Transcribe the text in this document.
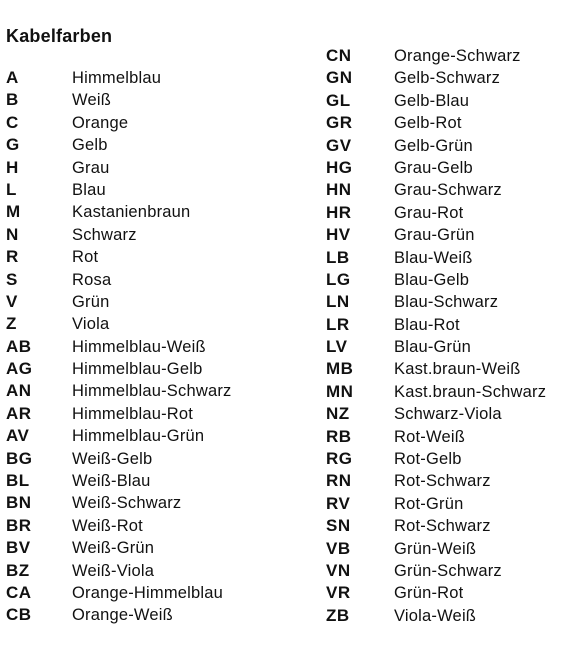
Kabelfarben
A	Himmelblau
B	Weiß
C	Orange
G	Gelb
H	Grau
L	Blau
M	Kastanienbraun
N	Schwarz
R	Rot
S	Rosa
V	Grün
Z	Viola
AB Himmelblau-Weiß
AG Himmelblau-Gelb
AN Himmelblau-Schwarz
AR Himmelblau-Rot
AV	Himmelblau-Grün
BG Weiß-Gelb
BL	Weiß-Blau
BN Weiß-Schwarz
BR Weiß-Rot
BV	Weiß-Grün
BZ	Weiß-Viola
CA Orange-Himmelblau
CB Orange-Weiß
CN	Orange-Schwarz
GN	Gelb-Schwarz
GL	Gelb-Blau
GR	Gelb-Rot
GV	Gelb-Grün
HG	Grau-Gelb
HN	Grau-Schwarz
HR	Grau-Rot
HV	Grau-Grün
LB	Blau-Weiß
LG	Blau-Gelb
LN	Blau-Schwarz
LR	Blau-Rot
LV	Blau-Grün
MB Kast.braun-Weiß
MN Kast.braun-Schwarz
NZ	Schwarz-Viola
RB	Rot-Weiß
RG	Rot-Gelb
RN	Rot-Schwarz
RV	Rot-Grün
SN	Rot-Schwarz
VB	Grün-Weiß
VN	Grün-Schwarz
VR	Grün-Rot
ZB	Viola-Weiß
